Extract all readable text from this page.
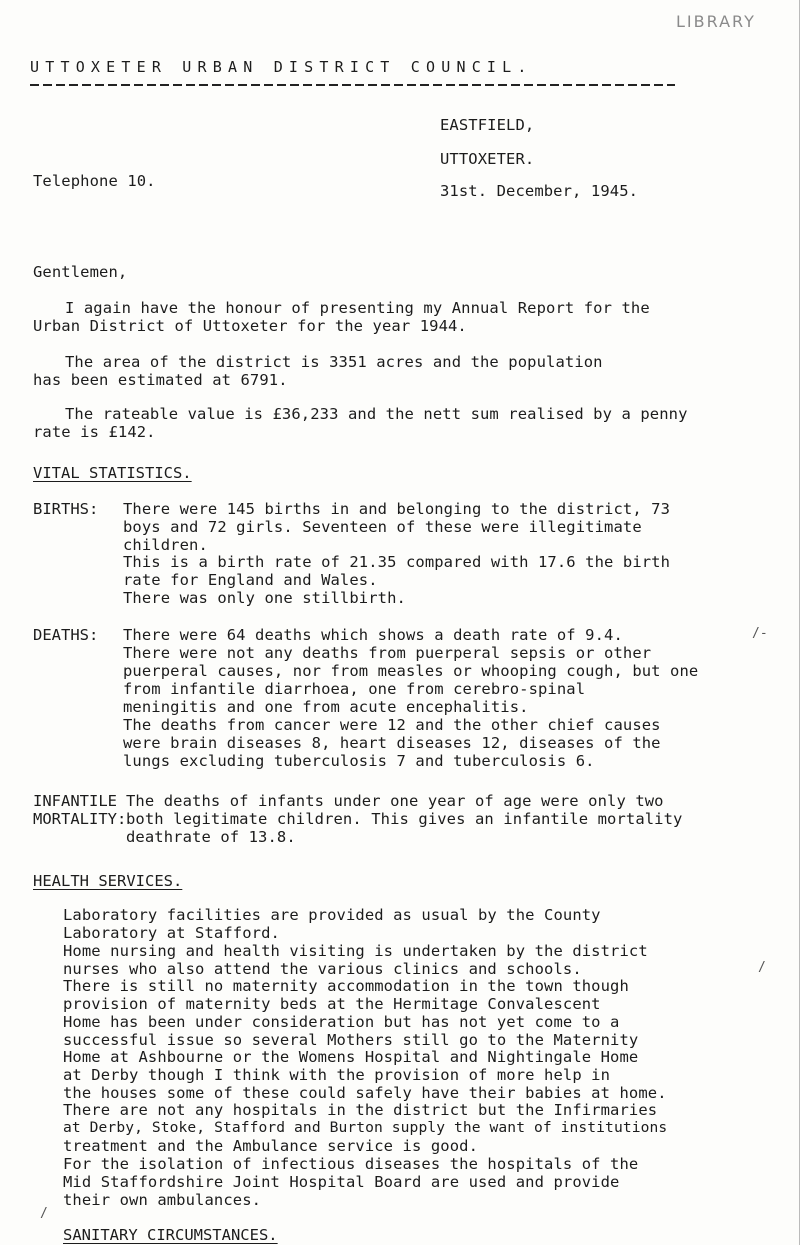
LIBRARY
UTTOXETER URBAN DISTRICT COUNCIL.
EASTFIELD,
UTTOXETER.
Telephone 10.
31st. December, 1945.
Gentlemen,
I again have the honour of presenting my Annual Report for the
Urban District of Uttoxeter for the year 1944.
The area of the district is 3351 acres and the population
has been estimated at 6791.
The rateable value is £36,233 and the nett sum realised by a penny
rate is £142.
VITAL STATISTICS.
BIRTHS: There were 145 births in and belonging to the district, 73
boys and 72 girls. Seventeen of these were illegitimate
children.
This is a birth rate of 21.35 compared with 17.6 the birth
rate for England and Wales.
There was only one stillbirth.
DEATHS: There were 64 deaths which shows a death rate of 9.4.
There were not any deaths from puerperal sepsis or other
puerperal causes, nor from measles or whooping cough, but one
from infantile diarrhoea, one from cerebro-spinal
meningitis and one from acute encephalitis.
The deaths from cancer were 12 and the other chief causes
were brain diseases 8, heart diseases 12, diseases of the
lungs excluding tuberculosis 7 and tuberculosis 6.
INFANTILE
MORTALITY:
The deaths of infants under one year of age were only two
both legitimate children. This gives an infantile mortality
deathrate of 13.8.
HEALTH SERVICES.
Laboratory facilities are provided as usual by the County
Laboratory at Stafford.
Home nursing and health visiting is undertaken by the district
nurses who also attend the various clinics and schools.
There is still no maternity accommodation in the town though
provision of maternity beds at the Hermitage Convalescent
Home has been under consideration but has not yet come to a
successful issue so several Mothers still go to the Maternity
Home at Ashbourne or the Womens Hospital and Nightingale Home
at Derby though I think with the provision of more help in
the houses some of these could safely have their babies at home.
There are not any hospitals in the district but the Infirmaries
at Derby, Stoke, Stafford and Burton supply the want of institutions
treatment and the Ambulance service is good.
For the isolation of infectious diseases the hospitals of the
Mid Staffordshire Joint Hospital Board are used and provide
their own ambulances.
SANITARY CIRCUMSTANCES.
/-
/
/
